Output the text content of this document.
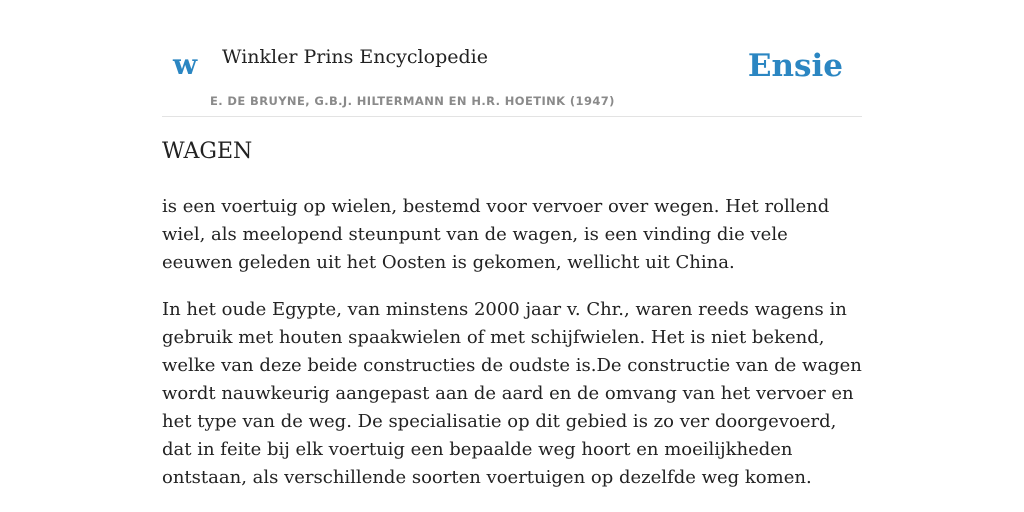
w Winkler Prins Encyclopedie
E. DE BRUYNE, G.B.J. HILTERMANN EN H.R. HOETINK (1947)
Ensie
WAGEN

is een voertuig op wielen, bestemd voor vervoer over wegen. Het rollend wiel, als meelopend steunpunt van de wagen, is een vinding die vele eeuwen geleden uit het Oosten is gekomen, wellicht uit China.

In het oude Egypte, van minstens 2000 jaar v. Chr., waren reeds wagens in gebruik met houten spaakwielen of met schijfwielen. Het is niet bekend, welke van deze beide constructies de oudste is.De constructie van de wagen wordt nauwkeurig aangepast aan de aard en de omvang van het vervoer en het type van de weg. De specialisatie op dit gebied is zo ver doorgevoerd, dat in feite bij elk voertuig een bepaalde weg hoort en moeilijkheden ontstaan, als verschillende soorten voertuigen op dezelfde weg komen.
